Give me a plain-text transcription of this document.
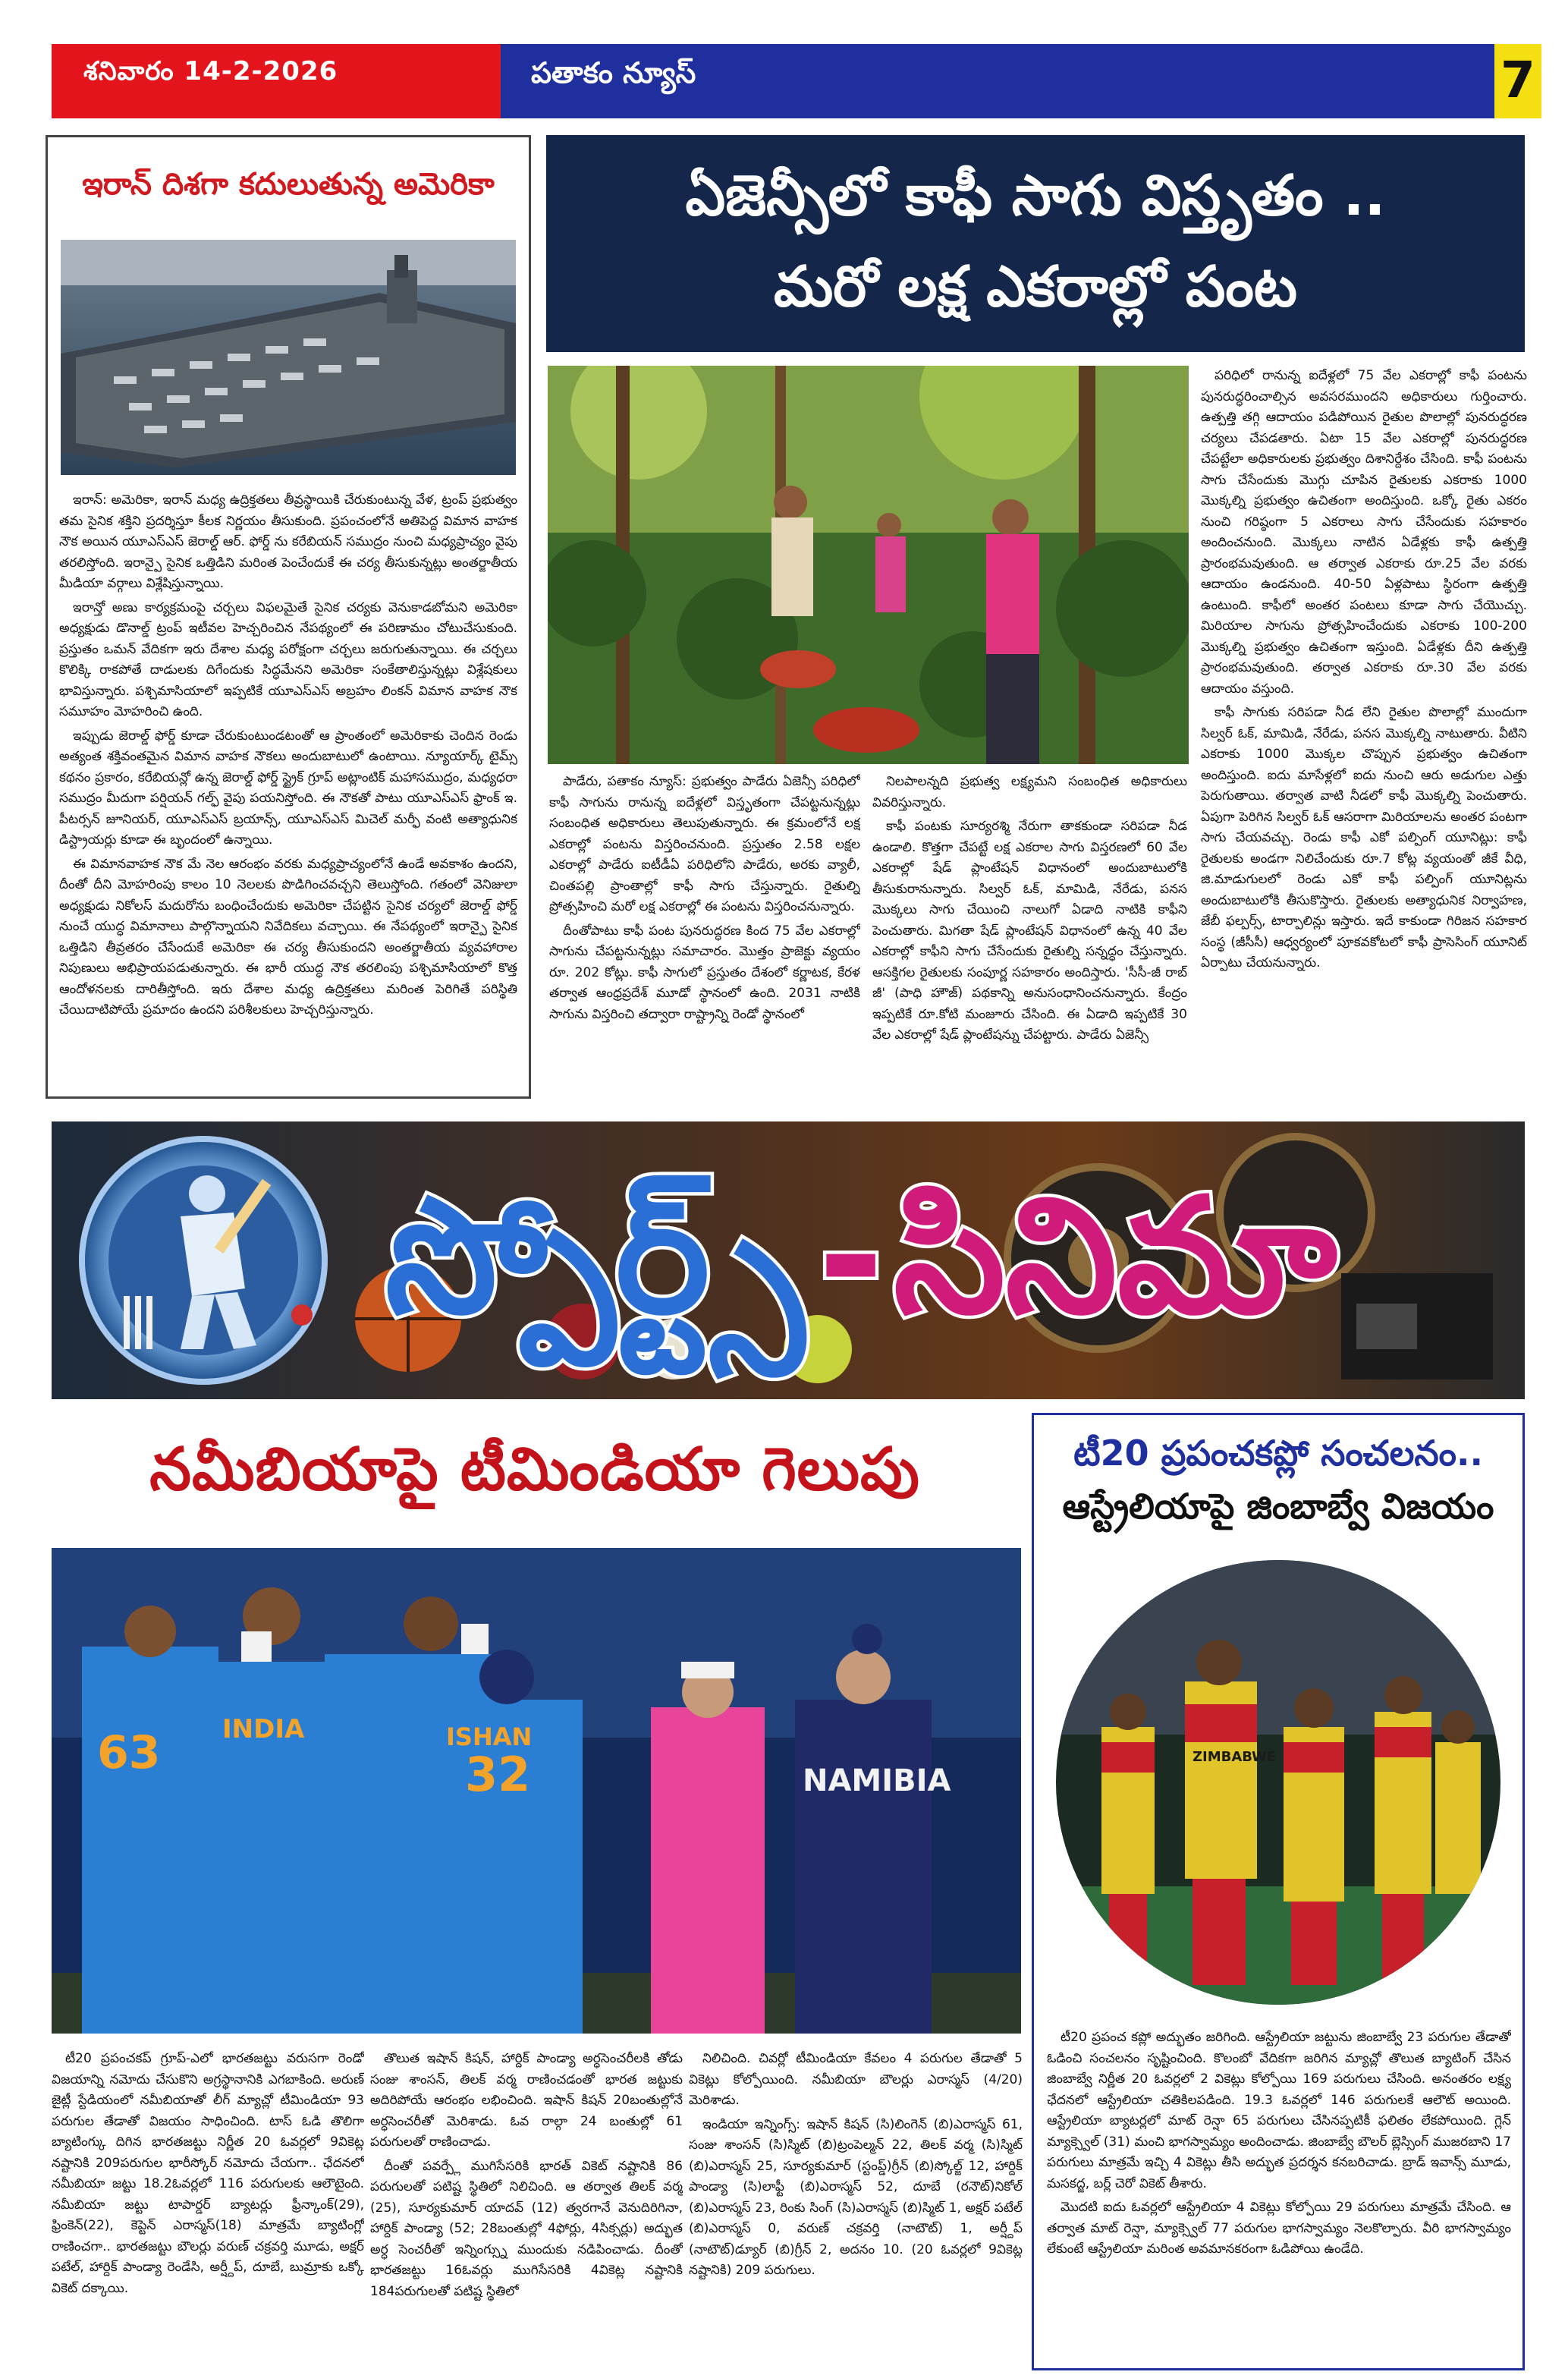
శనివారం 14-2-2026	పతాకం న్యూస్	7
ఇరాన్ దిశగా కదులుతున్న అమెరికా

ఇరాన్: అమెరికా, ఇరాన్ మధ్య ఉద్రిక్తతలు తీవ్రస్థాయికి చేరుకుంటున్న వేళ, ట్రంప్ ప్రభుత్వం తమ సైనిక శక్తిని ప్రదర్శిస్తూ కీలక నిర్ణయం తీసుకుంది. ప్రపంచంలోనే అతిపెద్ద విమాన వాహక నౌక అయిన యూఎస్ఎస్ జెరాల్డ్ ఆర్. ఫోర్డ్ ను కరేబియన్ సముద్రం నుంచి మధ్యప్రాచ్యం వైపు తరలిస్తోంది. ఇరాన్పై సైనిక ఒత్తిడిని మరింత పెంచేందుకే ఈ చర్య తీసుకున్నట్లు అంతర్జాతీయ మీడియా వర్గాలు విశ్లేషిస్తున్నాయి.

ఇరాన్తో అణు కార్యక్రమంపై చర్చలు విఫలమైతే సైనిక చర్యకు వెనుకాడబోమని అమెరికా అధ్యక్షుడు డొనాల్డ్ ట్రంప్ ఇటీవల హెచ్చరించిన నేపథ్యంలో ఈ పరిణామం చోటుచేసుకుంది. ప్రస్తుతం ఒమన్ వేదికగా ఇరు దేశాల మధ్య పరోక్షంగా చర్చలు జరుగుతున్నాయి. ఈ చర్చలు కొలిక్కి రాకపోతే దాడులకు దిగేందుకు సిద్ధమేనని అమెరికా సంకేతాలిస్తున్నట్లు విశ్లేషకులు భావిస్తున్నారు. పశ్చిమాసియాలో ఇప్పటికే యూఎస్ఎస్ అబ్రహం లింకన్ విమాన వాహక నౌక సమూహం మోహరించి ఉంది.

ఇప్పుడు జెరాల్డ్ ఫోర్డ్ కూడా చేరుకుంటుండటంతో ఆ ప్రాంతంలో అమెరికాకు చెందిన రెండు అత్యంత శక్తివంతమైన విమాన వాహక నౌకలు అందుబాటులో ఉంటాయి. న్యూయార్క్ టైమ్స్ కథనం ప్రకారం, కరేబియన్లో ఉన్న జెరాల్డ్ ఫోర్డ్ స్ట్రైక్ గ్రూప్ అట్లాంటిక్ మహాసముద్రం, మధ్యధరా సముద్రం మీదుగా పర్షియన్ గల్ఫ్ వైపు పయనిస్తోంది. ఈ నౌకతో పాటు యూఎస్ఎస్ ఫ్రాంక్ ఇ. పీటర్సన్ జూనియర్, యూఎస్ఎస్ బ్రయాన్స్, యూఎస్ఎస్ మిచెల్ మర్ఫీ వంటి అత్యాధునిక డిస్ట్రాయర్లు కూడా ఈ బృందంలో ఉన్నాయి.

ఈ విమానవాహక నౌక మే నెల ఆరంభం వరకు మధ్యప్రాచ్యంలోనే ఉండే అవకాశం ఉందని, దీంతో దీని మోహరింపు కాలం 10 నెలలకు పొడిగించవచ్చని తెలుస్తోంది. గతంలో వెనిజులా అధ్యక్షుడు నికోలస్ మదురోను బంధించేందుకు అమెరికా చేపట్టిన సైనిక చర్యలో జెరాల్డ్ ఫోర్డ్ నుంచే యుద్ధ విమానాలు పాల్గొన్నాయని నివేదికలు వచ్చాయి. ఈ నేపథ్యంలో ఇరాన్పై సైనిక ఒత్తిడిని తీవ్రతరం చేసేందుకే అమెరికా ఈ చర్య తీసుకుందని అంతర్జాతీయ వ్యవహారాల నిపుణులు అభిప్రాయపడుతున్నారు. ఈ భారీ యుద్ధ నౌక తరలింపు పశ్చిమాసియాలో కొత్త ఆందోళనలకు దారితీస్తోంది. ఇరు దేశాల మధ్య ఉద్రిక్తతలు మరింత పెరిగితే పరిస్థితి చేయిదాటిపోయే ప్రమాదం ఉందని పరిశీలకులు హెచ్చరిస్తున్నారు.

ఏజెన్సీలో కాఫీ సాగు విస్తృతం ..
మరో లక్ష ఎకరాల్లో పంట

పాడేరు, పతాకం న్యూస్: ప్రభుత్వం పాడేరు ఏజెన్సీ పరిధిలో కాఫీ సాగును రానున్న ఐదేళ్లలో విస్తృతంగా చేపట్టనున్నట్లు సంబంధిత అధికారులు తెలుపుతున్నారు. ఈ క్రమంలోనే లక్ష ఎకరాల్లో పంటను విస్తరించనుంది. ప్రస్తుతం 2.58 లక్షల ఎకరాల్లో పాడేరు ఐటీడీఏ పరిధిలోని పాడేరు, అరకు వ్యాలీ, చింతపల్లి ప్రాంతాల్లో కాఫీ సాగు చేస్తున్నారు. రైతుల్ని ప్రోత్సహించి మరో లక్ష ఎకరాల్లో ఈ పంటను విస్తరించనున్నారు.

దీంతోపాటు కాఫీ పంట పునరుద్ధరణ కింద 75 వేల ఎకరాల్లో సాగును చేపట్టనున్నట్లు సమాచారం. మొత్తం ప్రాజెక్టు వ్యయం రూ. 202 కోట్లు. కాఫీ సాగులో ప్రస్తుతం దేశంలో కర్ణాటక, కేరళ తర్వాత ఆంధ్రప్రదేశ్ మూడో స్థానంలో ఉంది. 2031 నాటికి సాగును విస్తరించి తద్వారా రాష్ట్రాన్ని రెండో స్థానంలో

నిలపాలన్నది ప్రభుత్వ లక్ష్యమని సంబంధిత అధికారులు వివరిస్తున్నారు.

కాఫీ పంటకు సూర్యరశ్మి నేరుగా తాకకుండా సరిపడా నీడ ఉండాలి. కొత్తగా చేపట్టే లక్ష ఎకరాల సాగు విస్తరణలో 60 వేల ఎకరాల్లో షేడ్ ప్లాంటేషన్ విధానంలో అందుబాటులోకి తీసుకురానున్నారు. సిల్వర్ ఓక్, మామిడి, నేరేడు, పనస మొక్కలు సాగు చేయించి నాలుగో ఏడాది నాటికి కాఫీని పెంచుతారు. మిగతా షేడ్ ప్లాంటేషన్ విధానంలో ఉన్న 40 వేల ఎకరాల్లో కాఫీని సాగు చేసేందుకు రైతుల్ని సన్నద్ధం చేస్తున్నారు. ఆసక్తిగల రైతులకు సంపూర్ణ సహకారం అందిస్తారు. 'సీసీ-జీ రాబ్ జీ' (పాధి హౌజ్) పథకాన్ని అనుసంధానించనున్నారు. కేంద్రం ఇప్పటికే రూ.కోటి మంజూరు చేసింది. ఈ ఏడాది ఇప్పటికే 30 వేల ఎకరాల్లో షేడ్ ప్లాంటేషన్ను చేపట్టారు. పాడేరు ఏజెన్సీ

పరిధిలో రానున్న ఐదేళ్లలో 75 వేల ఎకరాల్లో కాఫీ పంటను పునరుద్ధరించాల్సిన అవసరముందని అధికారులు గుర్తించారు. ఉత్పత్తి తగ్గి ఆదాయం పడిపోయిన రైతుల పొలాల్లో పునరుద్ధరణ చర్యలు చేపడతారు. ఏటా 15 వేల ఎకరాల్లో పునరుద్ధరణ చేపట్టేలా అధికారులకు ప్రభుత్వం దిశానిర్దేశం చేసింది. కాఫీ పంటను సాగు చేసేందుకు మొగ్గు చూపిన రైతులకు ఎకరాకు 1000 మొక్కల్ని ప్రభుత్వం ఉచితంగా అందిస్తుంది. ఒక్కో రైతు ఎకరం నుంచి గరిష్ఠంగా 5 ఎకరాలు సాగు చేసేందుకు సహకారం అందించనుంది. మొక్కలు నాటిన ఏడేళ్లకు కాఫీ ఉత్పత్తి ప్రారంభమవుతుంది. ఆ తర్వాత ఎకరాకు రూ.25 వేల వరకు ఆదాయం ఉండనుంది. 40-50 ఏళ్లపాటు స్థిరంగా ఉత్పత్తి ఉంటుంది. కాఫీలో అంతర పంటలు కూడా సాగు చేయొచ్చు. మిరియాల సాగును ప్రోత్సహించేందుకు ఎకరాకు 100-200 మొక్కల్ని ప్రభుత్వం ఉచితంగా ఇస్తుంది. ఏడేళ్లకు దీని ఉత్పత్తి ప్రారంభమవుతుంది. తర్వాత ఎకరాకు రూ.30 వేల వరకు ఆదాయం వస్తుంది.

కాఫీ సాగుకు సరిపడా నీడ లేని రైతుల పొలాల్లో ముందుగా సిల్వర్ ఓక్, మామిడి, నేరేడు, పనస మొక్కల్ని నాటుతారు. వీటిని ఎకరాకు 1000 మొక్కల చొప్పున ప్రభుత్వం ఉచితంగా అందిస్తుంది. ఐదు మాసేళ్లలో ఐదు నుంచి ఆరు అడుగుల ఎత్తు పెరుగుతాయి. తర్వాత వాటి నీడలో కాఫీ మొక్కల్ని పెంచుతారు. ఏపుగా పెరిగిన సిల్వర్ ఓక్ ఆసరాగా మిరియాలను అంతర పంటగా సాగు చేయవచ్చు. రెండు కాఫీ ఎకో పల్పింగ్ యూనిట్లు: కాఫీ రైతులకు అండగా నిలిచేందుకు రూ.7 కోట్ల వ్యయంతో జీకే వీధి, జి.మాడుగులలో రెండు ఎకో కాఫీ పల్పింగ్ యూనిట్లను అందుబాటులోకి తీసుకొస్తారు. రైతులకు అత్యాధునిక నిర్వాహణ, జేబీ ఫల్పర్స్, టార్పాలిన్లు ఇస్తారు. ఇదే కాకుండా గిరిజన సహకార సంస్థ (జీసీసీ) ఆధ్వర్యంలో పూకవకోటలో కాఫీ ప్రాసెసింగ్ యూనిట్ ఏర్పాటు చేయనున్నారు.

స్పోర్ట్స్ - సినిమా
నమీబియాపై టీమిండియా గెలుపు
63 INDIA	ISHAN
32	NAMIBIA

టీ20 ప్రపంచకప్ గ్రూప్-ఎలో భారతజట్టు వరుసగా రెండో విజయాన్ని నమోదు చేసుకొని అగ్రస్థానానికి ఎగబాకింది. అరుణ్ జైట్లీ స్టేడియంలో నమీబియాతో లీగ్ మ్యాచ్లో టీమిండియా 93 పరుగుల తేడాతో విజయం సాధించింది. టాస్ ఓడి తొలిగా బ్యాటింగ్కు దిగిన భారతజట్టు నిర్ణీత 20 ఓవర్లలో 9వికెట్ల నష్టానికి 209పరుగుల భారీస్కోర్ నమోదు చేయగా.. ఛేదనలో నమీబియా జట్టు 18.2ఓవర్లలో 116 పరుగులకు ఆలౌటైంది. నమీబియా జట్టు టాపార్డర్ బ్యాటర్లు ఫ్రీన్కాంక్(29), ఫ్రింకెన్(22), కెప్టెన్ ఎరాస్మస్(18) మాత్రమే బ్యాటింగ్లో రాణించగా.. భారతజట్టు బౌలర్లు వరుణ్ చక్రవర్తి మూడు, అక్షర్ పటేల్, హార్దిక్ పాండ్యా రెండేసి, అర్ష్దీప్, దూబే, బుమ్రాకు ఒక్కో వికెట్ దక్కాయి.

తొలుత ఇషాన్ కిషన్, హార్దిక్ పాండ్యా అర్ధసెంచరీలకి తోడు సంజు శాంసన్, తిలక్ వర్మ రాణించడంతో భారత జట్టుకు అదిరిపోయే ఆరంభం లభించింది. ఇషాన్ కిషన్ 20బంతుల్లోనే అర్ధసెంచరీతో మెరిశాడు. ఓవ రాల్గా 24 బంతుల్లో 61 పరుగులతో రాణించాడు.

దీంతో పవర్ప్లే ముగిసేసరికి భారత్ వికెట్ నష్టానికి 86 పరుగులతో పటిష్ట స్థితిలో నిలిచింది. ఆ తర్వాత తిలక్ వర్మ (25), సూర్యకుమార్ యాదవ్ (12) త్వరగానే వెనుదిరిగినా, హార్దిక్ పాండ్యా (52; 28బంతుల్లో 4ఫోర్లు, 4సిక్సర్లు) అద్భుత అర్ధ సెంచరీతో ఇన్నింగ్స్ను ముందుకు నడిపించాడు. దీంతో భారతజట్టు 16ఓవర్లు ముగిసేసరికి 4వికెట్ల నష్టానికి 184పరుగులతో పటిష్ట స్థితిలో

నిలిచింది. చివర్లో టీమిండియా కేవలం 4 పరుగుల తేడాతో 5 వికెట్లు కోల్పోయింది. నమీబియా బౌలర్లు ఎరాస్మస్ (4/20) మెరిశాడు.

ఇండియా ఇన్నింగ్స్: ఇషాన్ కిషన్ (సి)లింగెన్ (బి)ఎరాస్మస్ 61, సంజు శాంసన్ (సి)స్మిట్ (బి)ట్రంపెల్మన్ 22, తిలక్ వర్మ (సి)స్మిట్ (బి)ఎరాస్మస్ 25, సూర్యకుమార్ (స్టంప్డ్)గ్రీన్ (బి)స్కోల్జ్ 12, హార్దిక్ పాండ్యా (సి)లాఫ్టీ (బి)ఎరాస్మస్ 52, దూబే (రనౌట్)నికోల్ (బి)ఎరాస్మస్ 23, రింకు సింగ్ (సి)ఎరాస్మస్ (బి)స్మిట్ 1, అక్షర్ పటేల్ (బి)ఎరాస్మస్ 0, వరుణ్ చక్రవర్తి (నాటౌట్) 1, అర్ష్దీప్ (నాటౌట్)డ్యూర్ (బి)గ్రీన్ 2, అదనం 10. (20 ఓవర్లలో 9వికెట్ల నష్టానికి) 209 పరుగులు.

టీ20 ప్రపంచకప్లో సంచలనం..
ఆస్ట్రేలియాపై జింబాబ్వే విజయం
ZIMBABWE

టీ20 ప్రపంచ కప్లో అద్భుతం జరిగింది. ఆస్ట్రేలియా జట్టును జింబాబ్వే 23 పరుగుల తేడాతో ఓడించి సంచలనం సృష్టించింది. కొలంబో వేదికగా జరిగిన మ్యాచ్లో తొలుత బ్యాటింగ్ చేసిన జింబాబ్వే నిర్ణీత 20 ఓవర్లలో 2 వికెట్లు కోల్పోయి 169 పరుగులు చేసింది. అనంతరం లక్ష్య ఛేదనలో ఆస్ట్రేలియా చతికిలపడింది. 19.3 ఓవర్లలో 146 పరుగులకే ఆలౌట్ అయింది. ఆస్ట్రేలియా బ్యాటర్లలో మాట్ రెన్షా 65 పరుగులు చేసినప్పటికీ ఫలితం లేకపోయింది. గ్లెన్ మ్యాక్స్వెల్ (31) మంచి భాగస్వామ్యం అందించాడు. జింబాబ్వే బౌలర్ బ్లెస్సింగ్ ముజరబాని 17 పరుగులు మాత్రమే ఇచ్చి 4 వికెట్లు తీసి అద్భుత ప్రదర్శన కనబరిచాడు. బ్రాడ్ ఇవాన్స్ మూడు, మసకద్జ, బర్ల్ చెరో వికెట్ తీశారు.

మొదటి ఐదు ఓవర్లలో ఆస్ట్రేలియా 4 వికెట్లు కోల్పోయి 29 పరుగులు మాత్రమే చేసింది. ఆ తర్వాత మాట్ రెన్షా, మ్యాక్స్వెల్ 77 పరుగుల భాగస్వామ్యం నెలకొల్పారు. వీరి భాగస్వామ్యం లేకుంటే ఆస్ట్రేలియా మరింత అవమానకరంగా ఓడిపోయి ఉండేది.
